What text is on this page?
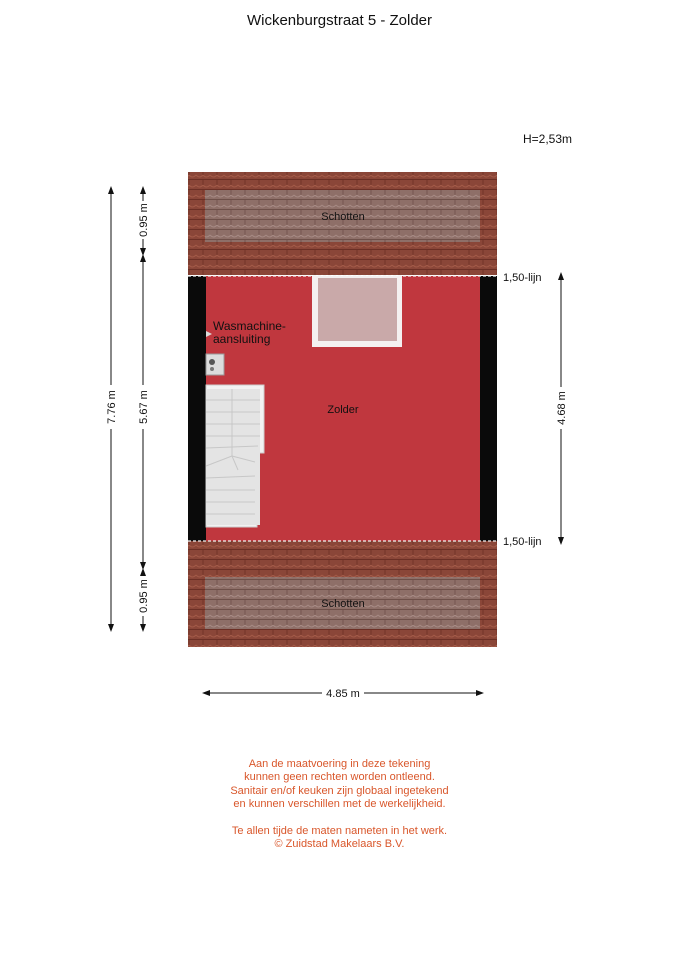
Wickenburgstraat 5 - Zolder
H=2,53m
Schotten
Schotten
Zolder
Wasmachine-
aansluiting
1,50-lijn
1,50-lijn
7.76 m
0.95 m
5.67 m
0.95 m
4.68 m
4.85 m
Aan de maatvoering in deze tekening
kunnen geen rechten worden ontleend.
Sanitair en/of keuken zijn globaal ingetekend
en kunnen verschillen met de werkelijkheid.
Te allen tijde de maten nameten in het werk.
© Zuidstad Makelaars B.V.
